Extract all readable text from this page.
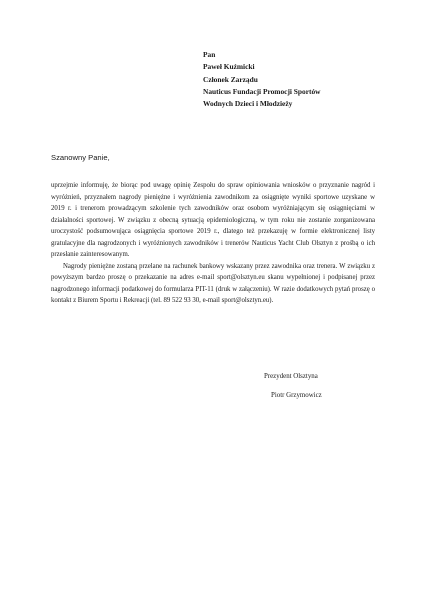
Pan
Paweł Kuźmicki
Członek Zarządu
Nauticus Fundacji Promocji Sportów
Wodnych Dzieci i Młodzieży
Szanowny Panie,

uprzejmie informuję, że biorąc pod uwagę opinię Zespołu do spraw opiniowania wniosków o przyznanie nagród i wyróżnień, przyznałem nagrody pieniężne i wyróżnienia zawodnikom za osiągnięte wyniki sportowe uzyskane w 2019 r. i trenerom prowadzącym szkolenie tych zawodników oraz osobom wyróżniającym się osiągnięciami w działalności sportowej. W związku z obecną sytuacją epidemiologiczną, w tym roku nie zostanie zorganizowana uroczystość podsumowująca osiągnięcia sportowe 2019 r., dlatego też przekazuję w formie elektronicznej listy gratulacyjne dla nagrodzonych i wyróżnionych zawodników i trenerów Nauticus Yacht Club Olsztyn z prośbą o ich przesłanie zainteresowanym.

Nagrody pieniężne zostaną przelane na rachunek bankowy wskazany przez zawodnika oraz trenera. W związku z powyższym bardzo proszę o przekazanie na adres e-mail sport@olsztyn.eu skanu wypełnionej i podpisanej przez nagrodzonego informacji podatkowej do formularza PIT-11 (druk w załączeniu). W razie dodatkowych pytań proszę o kontakt z Biurem Sportu i Rekreacji (tel. 89 522 93 30, e-mail sport@olsztyn.eu).

Prezydent Olsztyna
Piotr Grzymowicz
